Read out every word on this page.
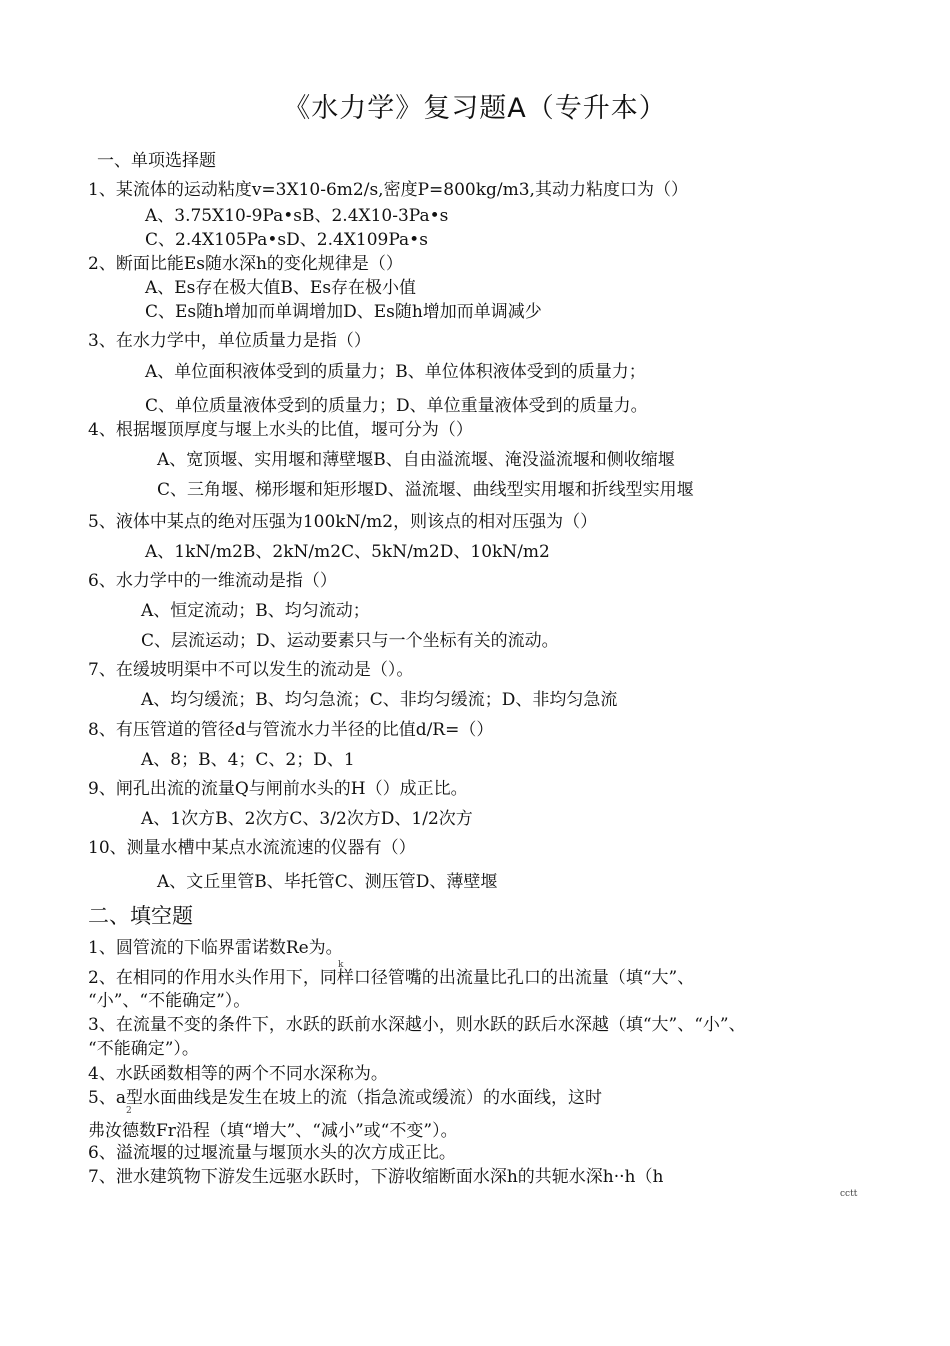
《水力学》复习题A（专升本）
一、单项选择题
1、某流体的运动粘度v=3X10-6m2/s,密度P=800kg/m3,其动力粘度口为（）
A、3.75X10-9Pa•sB、2.4X10-3Pa•s
C、2.4X105Pa•sD、2.4X109Pa•s
2、断面比能Es随水深h的变化规律是（）
A、Es存在极大值B、Es存在极小值
C、Es随h增加而单调增加D、Es随h增加而单调减少
3、在水力学中，单位质量力是指（）
A、单位面积液体受到的质量力；B、单位体积液体受到的质量力；
C、单位质量液体受到的质量力；D、单位重量液体受到的质量力。
4、根据堰顶厚度与堰上水头的比值，堰可分为（）
A、宽顶堰、实用堰和薄壁堰B、自由溢流堰、淹没溢流堰和侧收缩堰
C、三角堰、梯形堰和矩形堰D、溢流堰、曲线型实用堰和折线型实用堰
5、液体中某点的绝对压强为100kN/m2，则该点的相对压强为（）
A、1kN/m2B、2kN/m2C、5kN/m2D、10kN/m2
6、水力学中的一维流动是指（）
A、恒定流动；B、均匀流动；
C、层流运动；D、运动要素只与一个坐标有关的流动。
7、在缓坡明渠中不可以发生的流动是（）。
A、均匀缓流；B、均匀急流；C、非均匀缓流；D、非均匀急流
8、有压管道的管径d与管流水力半径的比值d/R=（）
A、8；B、4；C、2；D、1
9、闸孔出流的流量Q与闸前水头的H（）成正比。
A、1次方B、2次方C、3/2次方D、1/2次方
10、测量水槽中某点水流流速的仪器有（）
A、文丘里管B、毕托管C、测压管D、薄壁堰
二、填空题
1、圆管流的下临界雷诺数Re为。
2、在相同的作用水头作用下，同样口径管嘴的出流量比孔口的出流量（填“大”、
“小”、“不能确定”）。
3、在流量不变的条件下，水跃的跃前水深越小，则水跃的跃后水深越（填“大”、“小”、
“不能确定”）。
4、水跃函数相等的两个不同水深称为。
5、a型水面曲线是发生在坡上的流（指急流或缓流）的水面线，这时
弗汝德数Fr沿程（填“增大”、“减小”或“不变”）。
6、溢流堰的过堰流量与堰顶水头的次方成正比。
7、泄水建筑物下游发生远驱水跃时，下游收缩断面水深h的共轭水深h··h（h
k
2
cctt
